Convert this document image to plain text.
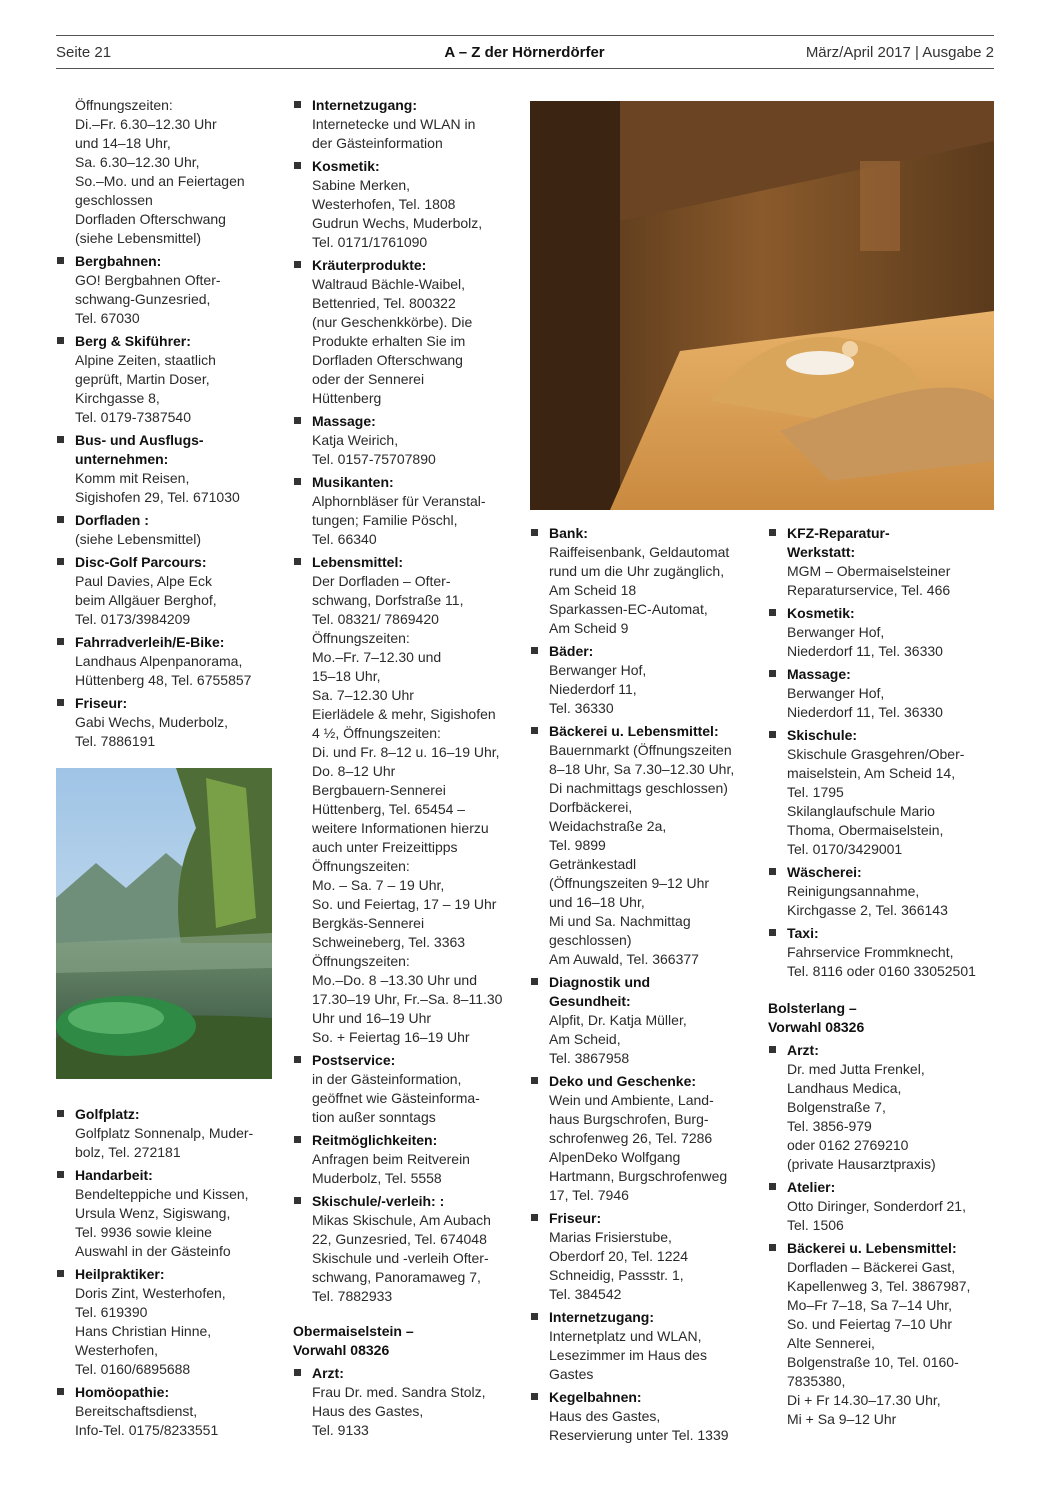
Seite 21	A – Z der Hörnerdörfer	März/April 2017 | Ausgabe 2
Öffnungszeiten:
Di.–Fr. 6.30–12.30 Uhr
und 14–18 Uhr,
Sa. 6.30–12.30 Uhr,
So.–Mo. und an Feiertagen
geschlossen
Dorfladen Ofterschwang
(siehe Lebensmittel)
Bergbahnen:
GO! Bergbahnen Ofter-
schwang-Gunzesried,
Tel. 67030
Berg & Skiführer:
Alpine Zeiten, staatlich
geprüft, Martin Doser,
Kirchgasse 8,
Tel. 0179-7387540
Bus- und Ausflugs-
unternehmen:
Komm mit Reisen,
Sigishofen 29, Tel. 671030
Dorfladen :
(siehe Lebensmittel)
Disc-Golf Parcours:
Paul Davies, Alpe Eck
beim Allgäuer Berghof,
Tel. 0173/3984209
Fahrradverleih/E-Bike:
Landhaus Alpenpanorama,
Hüttenberg 48, Tel. 6755857
Friseur:
Gabi Wechs, Muderbolz,
Tel. 7886191
Golfplatz:
Golfplatz Sonnenalp, Muder-
bolz, Tel. 272181
Handarbeit:
Bendelteppiche und Kissen,
Ursula Wenz, Sigiswang,
Tel. 9936 sowie kleine
Auswahl in der Gästeinfo
Heilpraktiker:
Doris Zint, Westerhofen,
Tel. 619390
Hans Christian Hinne,
Westerhofen,
Tel. 0160/6895688
Homöopathie:
Bereitschaftsdienst,
Info-Tel. 0175/8233551
Internetzugang:
Internetecke und WLAN in
der Gästeinformation
Kosmetik:
Sabine Merken,
Westerhofen, Tel. 1808
Gudrun Wechs, Muderbolz,
Tel. 0171/1761090
Kräuterprodukte:
Waltraud Bächle-Waibel,
Bettenried, Tel. 800322
(nur Geschenkkörbe). Die
Produkte erhalten Sie im
Dorfladen Ofterschwang
oder der Sennerei
Hüttenberg
Massage:
Katja Weirich,
Tel. 0157-75707890
Musikanten:
Alphornbläser für Veranstal-
tungen; Familie Pöschl,
Tel. 66340
Lebensmittel:
Der Dorfladen – Ofter-
schwang, Dorfstraße 11,
Tel. 08321/ 7869420
Öffnungszeiten:
Mo.–Fr. 7–12.30 und
15–18 Uhr,
Sa. 7–12.30 Uhr
Eierlädele & mehr, Sigishofen
4 ½, Öffnungszeiten:
Di. und Fr. 8–12 u. 16–19 Uhr,
Do. 8–12 Uhr
Bergbauern-Sennerei
Hüttenberg, Tel. 65454 –
weitere Informationen hierzu
auch unter Freizeittipps
Öffnungszeiten:
Mo. – Sa. 7 – 19 Uhr,
So. und Feiertag, 17 – 19 Uhr
Bergkäs-Sennerei
Schweineberg, Tel. 3363
Öffnungszeiten:
Mo.–Do. 8 –13.30 Uhr und
17.30–19 Uhr, Fr.–Sa. 8–11.30
Uhr und 16–19 Uhr
So. + Feiertag 16–19 Uhr
Postservice:
in der Gästeinformation,
geöffnet wie Gästeinforma-
tion außer sonntags
Reitmöglichkeiten:
Anfragen beim Reitverein
Muderbolz, Tel. 5558
Skischule/-verleih: :
Mikas Skischule, Am Aubach
22, Gunzesried, Tel. 674048
Skischule und -verleih Ofter-
schwang, Panoramaweg 7,
Tel. 7882933
Obermaiselstein –
Vorwahl 08326
Arzt:
Frau Dr. med. Sandra Stolz,
Haus des Gastes,
Tel. 9133
Bank:
Raiffeisenbank, Geldautomat
rund um die Uhr zugänglich,
Am Scheid 18
Sparkassen-EC-Automat,
Am Scheid 9
Bäder:
Berwanger Hof,
Niederdorf 11,
Tel. 36330
Bäckerei u. Lebensmittel:
Bauernmarkt (Öffnungszeiten
8–18 Uhr, Sa 7.30–12.30 Uhr,
Di nachmittags geschlossen)
Dorfbäckerei,
Weidachstraße 2a,
Tel. 9899
Getränkestadl
(Öffnungszeiten 9–12 Uhr
und 16–18 Uhr,
Mi und Sa. Nachmittag
geschlossen)
Am Auwald, Tel. 366377
Diagnostik und
Gesundheit:
Alpfit, Dr. Katja Müller,
Am Scheid,
Tel. 3867958
Deko und Geschenke:
Wein und Ambiente, Land-
haus Burgschrofen, Burg-
schrofenweg 26, Tel. 7286
AlpenDeko Wolfgang
Hartmann, Burgschrofenweg
17, Tel. 7946
Friseur:
Marias Frisierstube,
Oberdorf 20, Tel. 1224
Schneidig, Passstr. 1,
Tel. 384542
Internetzugang:
Internetplatz und WLAN,
Lesezimmer im Haus des
Gastes
Kegelbahnen:
Haus des Gastes,
Reservierung unter Tel. 1339
KFZ-Reparatur-
Werkstatt:
MGM – Obermaiselsteiner
Reparaturservice, Tel. 466
Kosmetik:
Berwanger Hof,
Niederdorf 11, Tel. 36330
Massage:
Berwanger Hof,
Niederdorf 11, Tel. 36330
Skischule:
Skischule Grasgehren/Ober-
maiselstein, Am Scheid 14,
Tel. 1795
Skilanglaufschule Mario
Thoma, Obermaiselstein,
Tel. 0170/3429001
Wäscherei:
Reinigungsannahme,
Kirchgasse 2, Tel. 366143
Taxi:
Fahrservice Frommknecht,
Tel. 8116 oder 0160 33052501
Bolsterlang –
Vorwahl 08326
Arzt:
Dr. med Jutta Frenkel,
Landhaus Medica,
Bolgenstraße 7,
Tel. 3856-979
oder 0162 2769210
(private Hausarztpraxis)
Atelier:
Otto Diringer, Sonderdorf 21,
Tel. 1506
Bäckerei u. Lebensmittel:
Dorfladen – Bäckerei Gast,
Kapellenweg 3, Tel. 3867987,
Mo–Fr 7–18, Sa 7–14 Uhr,
So. und Feiertag 7–10 Uhr
Alte Sennerei,
Bolgenstraße 10, Tel. 0160-
7835380,
Di + Fr 14.30–17.30 Uhr,
Mi + Sa 9–12 Uhr
